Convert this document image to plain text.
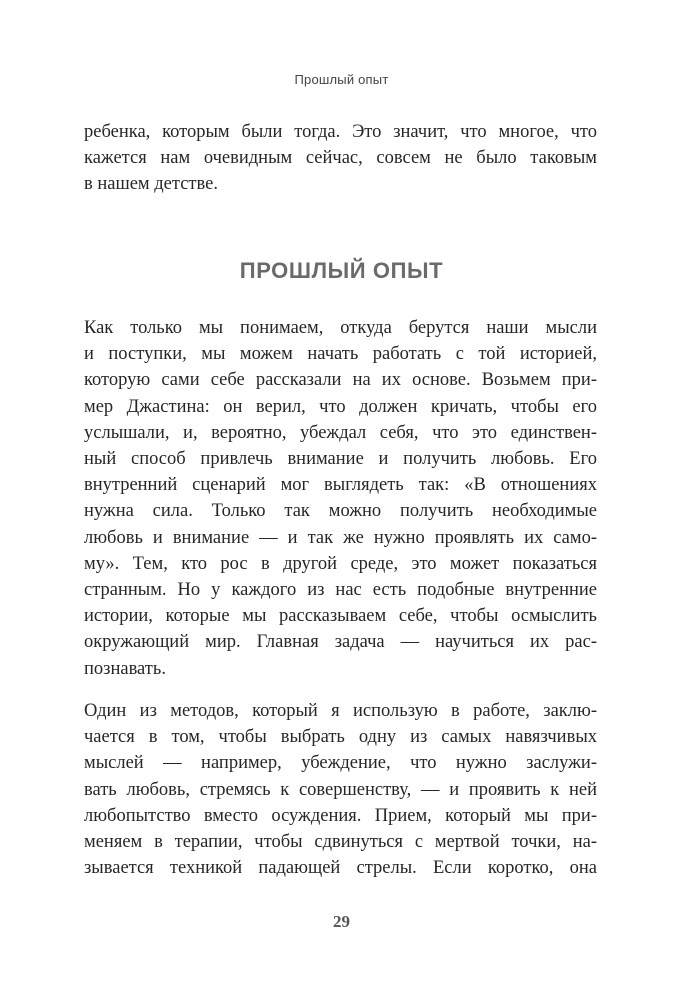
Прошлый опыт
ребенка, которым были тогда. Это значит, что многое, что
кажется нам очевидным сейчас, совсем не было таковым
в нашем детстве.
ПРОШЛЫЙ ОПЫТ
Как только мы понимаем, откуда берутся наши мысли
и поступки, мы можем начать работать с той историей,
которую сами себе рассказали на их основе. Возьмем при-
мер Джастина: он верил, что должен кричать, чтобы его
услышали, и, вероятно, убеждал себя, что это единствен-
ный способ привлечь внимание и получить любовь. Его
внутренний сценарий мог выглядеть так: «В отношениях
нужна сила. Только так можно получить необходимые
любовь и внимание — и так же нужно проявлять их само-
му». Тем, кто рос в другой среде, это может показаться
странным. Но у каждого из нас есть подобные внутренние
истории, которые мы рассказываем себе, чтобы осмыслить
окружающий мир. Главная задача — научиться их рас-
познавать.
Один из методов, который я использую в работе, заклю-
чается в том, чтобы выбрать одну из самых навязчивых
мыслей — например, убеждение, что нужно заслужи-
вать любовь, стремясь к совершенству, — и проявить к ней
любопытство вместо осуждения. Прием, который мы при-
меняем в терапии, чтобы сдвинуться с мертвой точки, на-
зывается техникой падающей стрелы. Если коротко, она
29
